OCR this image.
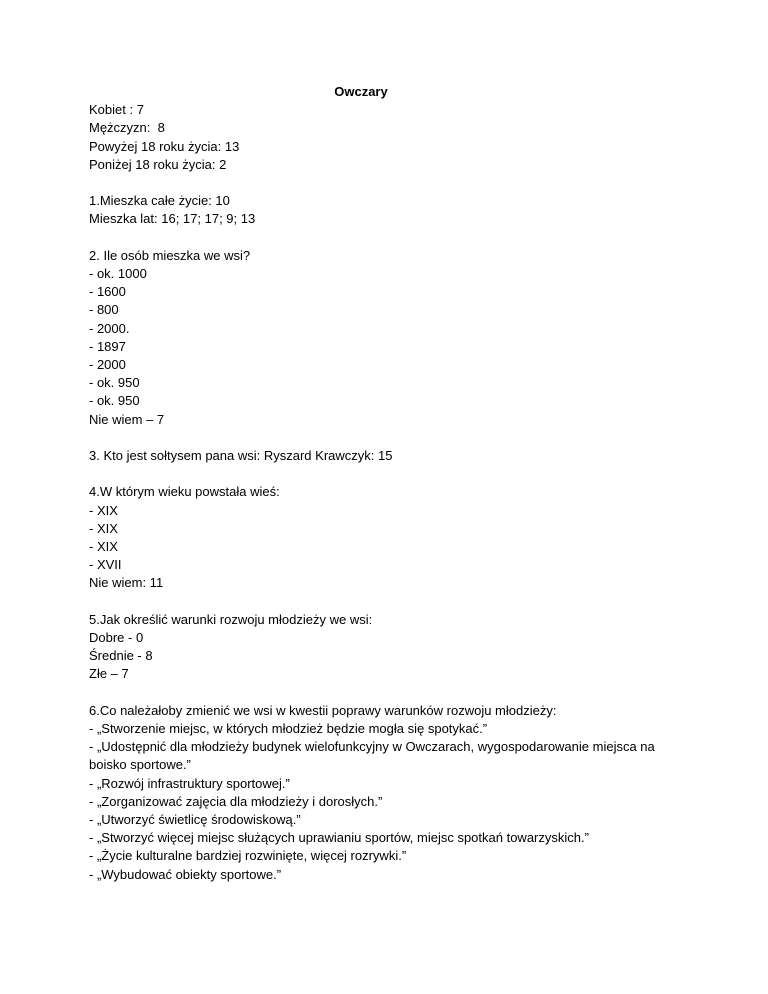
Owczary

Kobiet : 7

Mężczyzn:  8

Powyżej 18 roku życia: 13

Poniżej 18 roku życia: 2

1.Mieszka całe życie: 10

Mieszka lat: 16; 17; 17; 9; 13

2. Ile osób mieszka we wsi?

- ok. 1000

- 1600

- 800

- 2000.

- 1897

- 2000

- ok. 950

- ok. 950

Nie wiem – 7

3. Kto jest sołtysem pana wsi: Ryszard Krawczyk: 15

4.W którym wieku powstała wieś:

- XIX

- XIX

- XIX

- XVII

Nie wiem: 11

5.Jak określić warunki rozwoju młodzieży we wsi:

Dobre - 0

Średnie - 8

Złe – 7

6.Co należałoby zmienić we wsi w kwestii poprawy warunków rozwoju młodzieży:

- „Stworzenie miejsc, w których młodzież będzie mogła się spotykać.”

- „Udostępnić dla młodzieży budynek wielofunkcyjny w Owczarach, wygospodarowanie miejsca na boisko sportowe.”

- „Rozwój infrastruktury sportowej.”

- „Zorganizować zajęcia dla młodzieży i dorosłych.”

- „Utworzyć świetlicę środowiskową.”

- „Stworzyć więcej miejsc służących uprawianiu sportów, miejsc spotkań towarzyskich.”

- „Życie kulturalne bardziej rozwinięte, więcej rozrywki.”

- „Wybudować obiekty sportowe.”
